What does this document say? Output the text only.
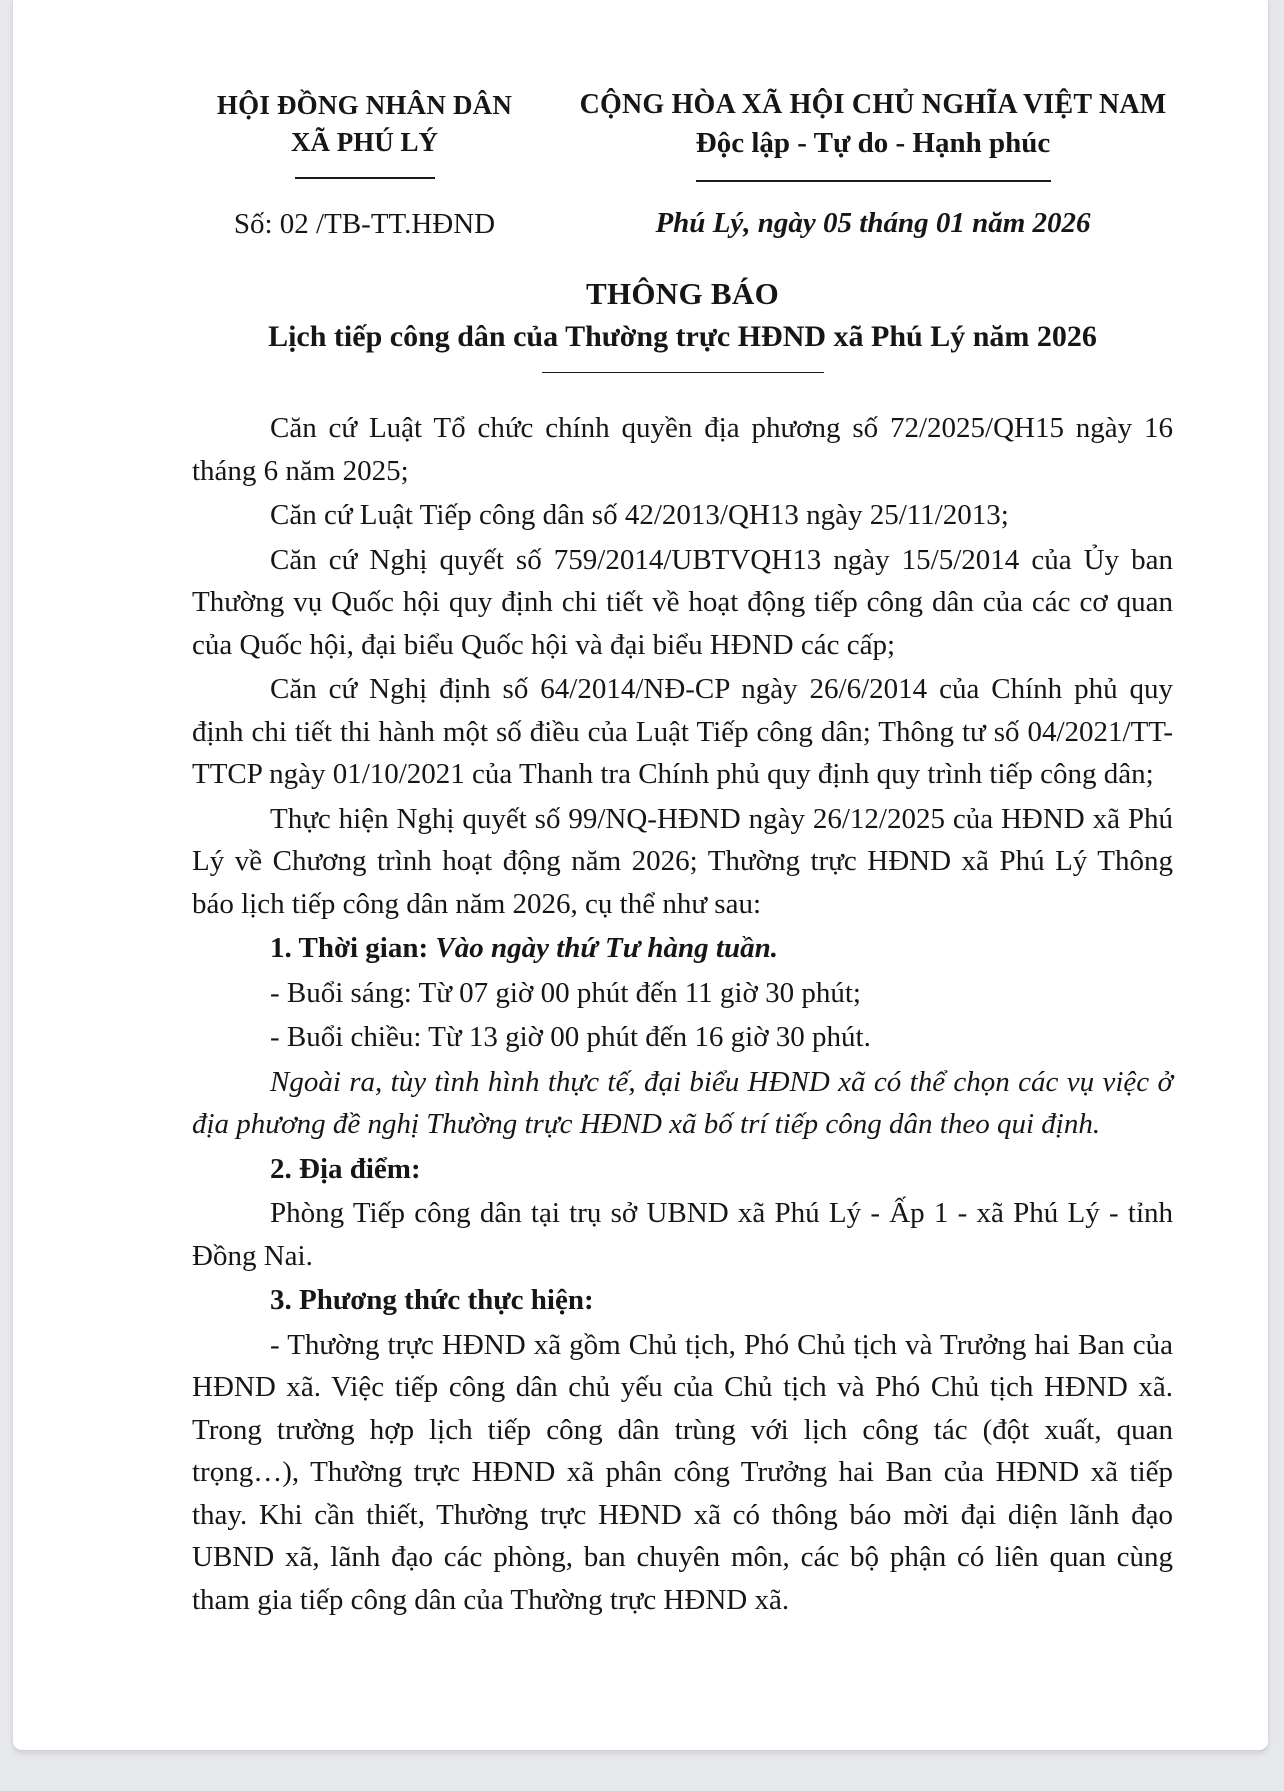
HỘI ĐỒNG NHÂN DÂN
XÃ PHÚ LÝ
Số: 02 /TB-TT.HĐND
CỘNG HÒA XÃ HỘI CHỦ NGHĨA VIỆT NAM
Độc lập - Tự do - Hạnh phúc
Phú Lý, ngày 05 tháng 01 năm 2026
THÔNG BÁO
Lịch tiếp công dân của Thường trực HĐND xã Phú Lý năm 2026

Căn cứ Luật Tổ chức chính quyền địa phương số 72/2025/QH15 ngày 16 tháng 6 năm 2025;

Căn cứ Luật Tiếp công dân số 42/2013/QH13 ngày 25/11/2013;

Căn cứ Nghị quyết số 759/2014/UBTVQH13 ngày 15/5/2014 của Ủy ban Thường vụ Quốc hội quy định chi tiết về hoạt động tiếp công dân của các cơ quan của Quốc hội, đại biểu Quốc hội và đại biểu HĐND các cấp;

Căn cứ Nghị định số 64/2014/NĐ-CP ngày 26/6/2014 của Chính phủ quy định chi tiết thi hành một số điều của Luật Tiếp công dân; Thông tư số 04/2021/TT-TTCP ngày 01/10/2021 của Thanh tra Chính phủ quy định quy trình tiếp công dân;

Thực hiện Nghị quyết số 99/NQ-HĐND ngày 26/12/2025 của HĐND xã Phú Lý về Chương trình hoạt động năm 2026; Thường trực HĐND xã Phú Lý Thông báo lịch tiếp công dân năm 2026, cụ thể như sau:

1. Thời gian: Vào ngày thứ Tư hàng tuần.

- Buổi sáng: Từ 07 giờ 00 phút đến 11 giờ 30 phút;

- Buổi chiều: Từ 13 giờ 00 phút đến 16 giờ 30 phút.

Ngoài ra, tùy tình hình thực tế, đại biểu HĐND xã có thể chọn các vụ việc ở địa phương đề nghị Thường trực HĐND xã bố trí tiếp công dân theo qui định.

2. Địa điểm:

Phòng Tiếp công dân tại trụ sở UBND xã Phú Lý - Ấp 1 - xã Phú Lý - tỉnh Đồng Nai.

3. Phương thức thực hiện:

- Thường trực HĐND xã gồm Chủ tịch, Phó Chủ tịch và Trưởng hai Ban của HĐND xã. Việc tiếp công dân chủ yếu của Chủ tịch và Phó Chủ tịch HĐND xã. Trong trường hợp lịch tiếp công dân trùng với lịch công tác (đột xuất, quan trọng…), Thường trực HĐND xã phân công Trưởng hai Ban của HĐND xã tiếp thay. Khi cần thiết, Thường trực HĐND xã có thông báo mời đại diện lãnh đạo UBND xã, lãnh đạo các phòng, ban chuyên môn, các bộ phận có liên quan cùng tham gia tiếp công dân của Thường trực HĐND xã.
